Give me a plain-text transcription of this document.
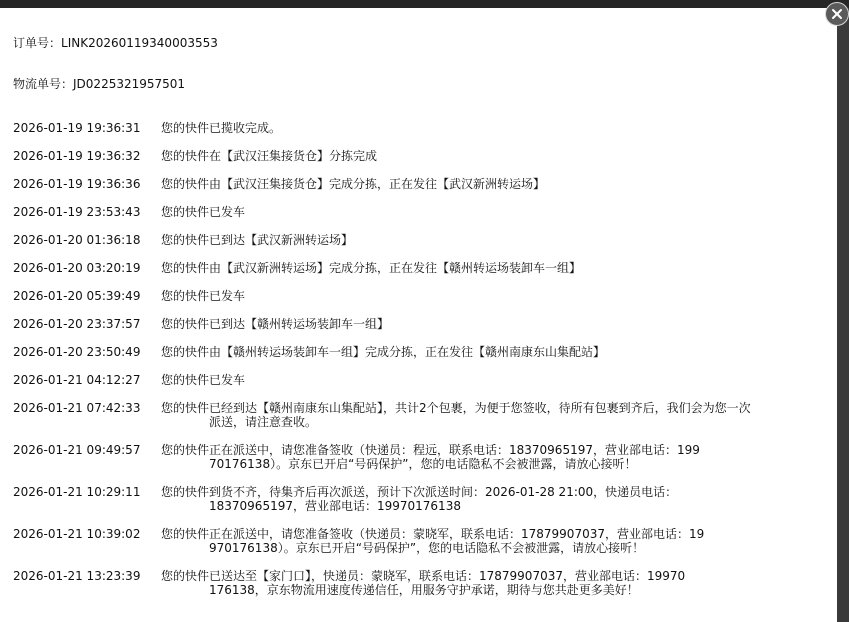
订单号：LINK20260119340003553
物流单号：JD0225321957501
2026-01-19 19:36:31 您的快件已揽收完成。
2026-01-19 19:36:32 您的快件在【武汉汪集接货仓】分拣完成
2026-01-19 19:36:36 您的快件由【武汉汪集接货仓】完成分拣，正在发往【武汉新洲转运场】
2026-01-19 23:53:43 您的快件已发车
2026-01-20 01:36:18 您的快件已到达【武汉新洲转运场】
2026-01-20 03:20:19 您的快件由【武汉新洲转运场】完成分拣，正在发往【赣州转运场装卸车一组】
2026-01-20 05:39:49 您的快件已发车
2026-01-20 23:37:57 您的快件已到达【赣州转运场装卸车一组】
2026-01-20 23:50:49 您的快件由【赣州转运场装卸车一组】完成分拣，正在发往【赣州南康东山集配站】
2026-01-21 04:12:27 您的快件已发车
2026-01-21 07:42:33 您的快件已经到达【赣州南康东山集配站】，共计2个包裹，为便于您签收，待所有包裹到齐后，我们会为您一次
派送，请注意查收。
2026-01-21 09:49:57 您的快件正在派送中，请您准备签收（快递员：程远，联系电话：18370965197，营业部电话：199
70176138）。京东已开启“号码保护”，您的电话隐私不会被泄露，请放心接听！
2026-01-21 10:29:11 您的快件到货不齐，待集齐后再次派送，预计下次派送时间：2026-01-28 21:00，快递员电话：
18370965197，营业部电话：19970176138
2026-01-21 10:39:02 您的快件正在派送中，请您准备签收（快递员：蒙晓军，联系电话：17879907037，营业部电话：19
970176138）。京东已开启“号码保护”，您的电话隐私不会被泄露，请放心接听！
2026-01-21 13:23:39 您的快件已送达至【家门口】，快递员：蒙晓军，联系电话：17879907037，营业部电话：19970
176138，京东物流用速度传递信任，用服务守护承诺，期待与您共赴更多美好！
